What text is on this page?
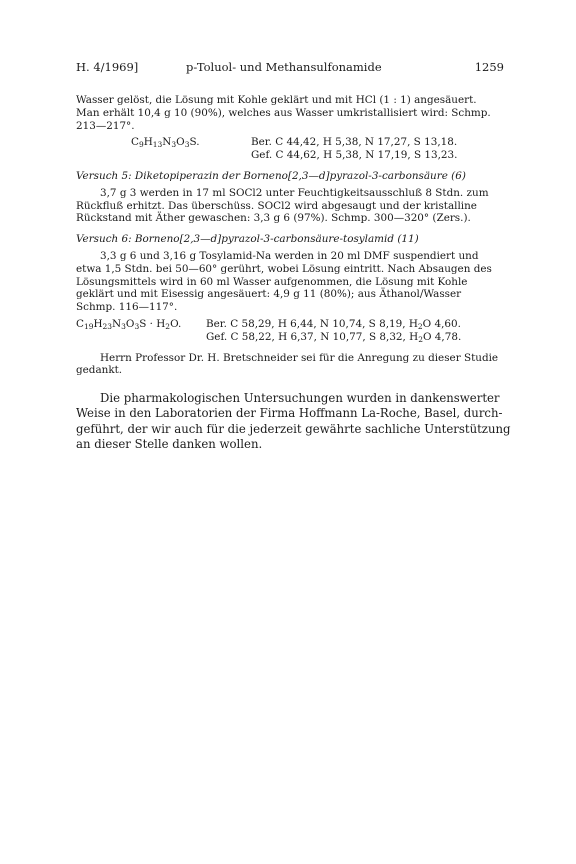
H. 4/1969]	p-Toluol- und Methansulfonamide	1259
Wasser gelöst, die Lösung mit Kohle geklärt und mit HCl (1 : 1) angesäuert.
Man erhält 10,4 g 10 (90%), welches aus Wasser umkristallisiert wird: Schmp.
213—217°.
$C_9H_{13}N_3O_3S$.	Ber. C 44,42, H 5,38, N 17,27, S 13,18.
Gef. C 44,62, H 5,38, N 17,19, S 13,23.
Versuch 5: Diketopiperazin der Borneno[2,3—d]pyrazol-3-carbonsäure (6)
3,7 g 3 werden in 17 ml SOCl2 unter Feuchtigkeitsausschluß 8 Stdn. zum
Rückfluß erhitzt. Das überschüss. SOCl2 wird abgesaugt und der kristalline
Rückstand mit Äther gewaschen: 3,3 g 6 (97%). Schmp. 300—320° (Zers.).
Versuch 6: Borneno[2,3—d]pyrazol-3-carbonsäure-tosylamid (11)
3,3 g 6 und 3,16 g Tosylamid-Na werden in 20 ml DMF suspendiert und
etwa 1,5 Stdn. bei 50—60° gerührt, wobei Lösung eintritt. Nach Absaugen des
Lösungsmittels wird in 60 ml Wasser aufgenommen, die Lösung mit Kohle
geklärt und mit Eisessig angesäuert: 4,9 g 11 (80%); aus Äthanol/Wasser
Schmp. 116—117°.
$C_{19}H_{23}N_3O_3S \cdot H_2O$. Ber. C 58,29, H 6,44, N 10,74, S 8,19, $H_2O$ 4,60.
Gef. C 58,22, H 6,37, N 10,77, S 8,32, $H_2O$ 4,78.
Herrn Professor Dr. H. Bretschneider sei für die Anregung zu dieser Studie
gedankt.
Die pharmakologischen Untersuchungen wurden in dankenswerter
Weise in den Laboratorien der Firma Hoffmann La-Roche, Basel, durch-
geführt, der wir auch für die jederzeit gewährte sachliche Unterstützung
an dieser Stelle danken wollen.
